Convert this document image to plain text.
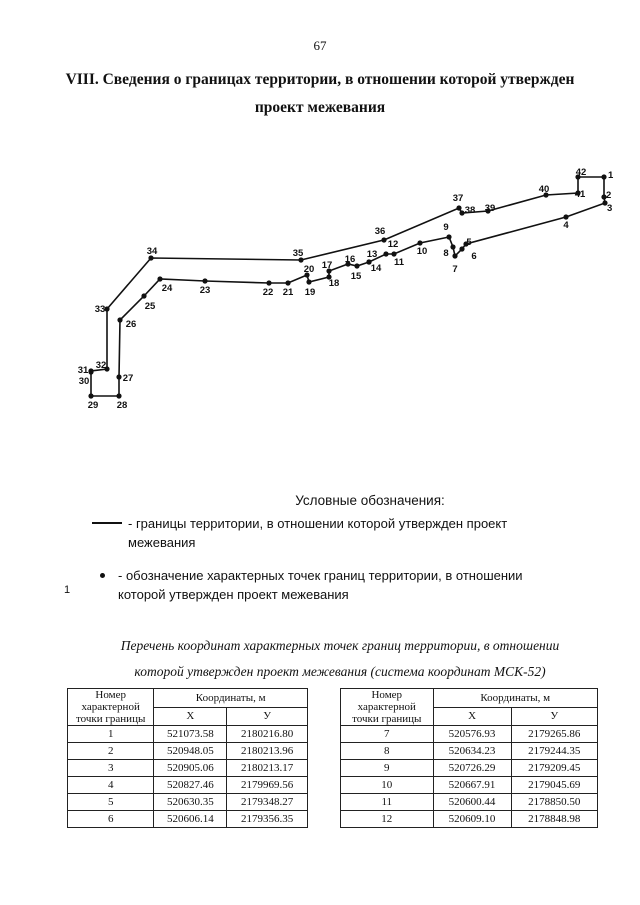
67
VIII. Сведения о границах территории, в отношении которой утвержден
проект межевания
1
2
3
4
5
6
7
8
9
10
11
12
13
14
15
16
17
18
19
20
21
22
23
24
25
26
27
28
29
30
31 32
33
34	35
36
37
38 39
40	41
42
Условные обозначения:
- границы территории, в отношении которой утвержден проект межевания
- обозначение характерных точек границ территории, в отношении которой утвержден проект межевания
1
Перечень координат характерных точек границ территории, в отношении
которой утвержден проект межевания (система координат МСК-52)
Номер характерной точки границы	Координаты, м	
	X	У
1	521073.58	2180216.80
2	520948.05	2180213.96
3	520905.06	2180213.17
4	520827.46	2179969.56
5	520630.35	2179348.27
6	520606.14	2179356.35
Номер характерной точки границы	Координаты, м	
	X	У
7	520576.93	2179265.86
8	520634.23	2179244.35
9	520726.29	2179209.45
10	520667.91	2179045.69
11	520600.44	2178850.50
12	520609.10	2178848.98
